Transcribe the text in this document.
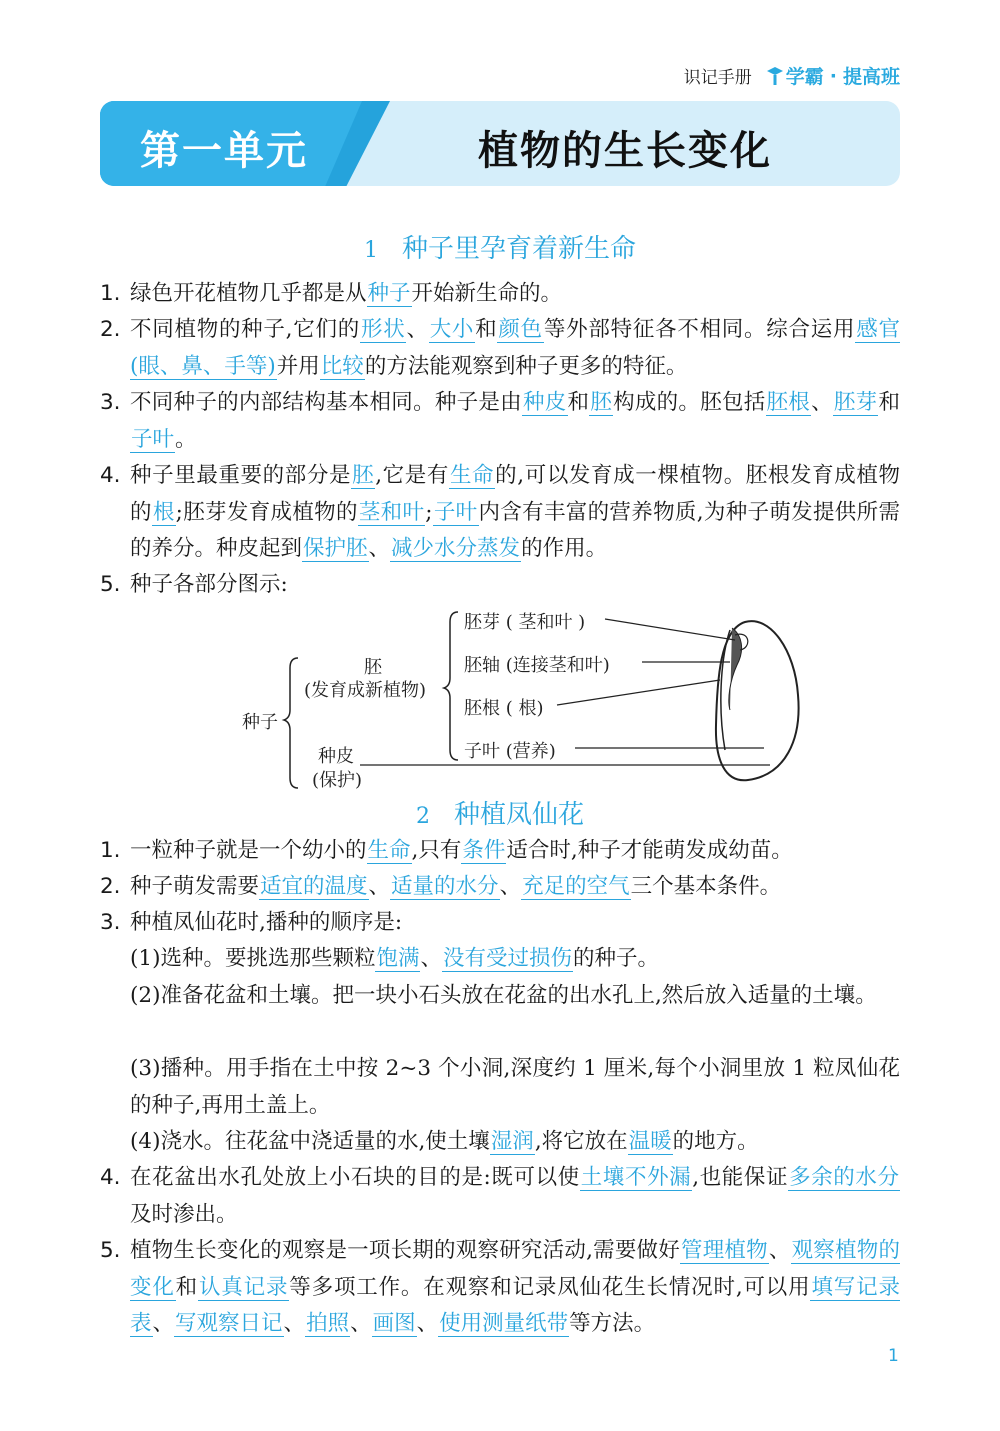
识记手册 学霸 · 提高班
第一单元	植物的生长变化
1 种子里孕育着新生命
1. 绿色开花植物几乎都是从种子开始新生命的。
2. 不同植物的种子,它们的形状、大小和颜色等外部特征各不相同。综合运用感官(眼、鼻、手等)并用比较的方法能观察到种子更多的特征。
3. 不同种子的内部结构基本相同。种子是由种皮和胚构成的。胚包括胚根、胚芽和子叶。
4. 种子里最重要的部分是胚,它是有生命的,可以发育成一棵植物。胚根发育成植物的根;胚芽发育成植物的茎和叶;子叶内含有丰富的营养物质,为种子萌发提供所需的养分。种皮起到保护胚、减少水分蒸发的作用。
5. 种子各部分图示:
种子
胚
(发育成新植物)
种皮
(保护)
胚芽 ( 茎和叶 )
胚轴 (连接茎和叶)
胚根 ( 根)
子叶 (营养)
2 种植凤仙花
1. 一粒种子就是一个幼小的生命,只有条件适合时,种子才能萌发成幼苗。
2. 种子萌发需要适宜的温度、适量的水分、充足的空气三个基本条件。
3. 种植凤仙花时,播种的顺序是:
(1)选种。要挑选那些颗粒饱满、没有受过损伤的种子。
(2)准备花盆和土壤。把一块小石头放在花盆的出水孔上,然后放入适量的土壤。
(3)播种。用手指在土中按 2~3 个小洞,深度约 1 厘米,每个小洞里放 1 粒凤仙花的种子,再用土盖上。
(4)浇水。往花盆中浇适量的水,使土壤湿润,将它放在温暖的地方。
4. 在花盆出水孔处放上小石块的目的是:既可以使土壤不外漏,也能保证多余的水分及时渗出。
5. 植物生长变化的观察是一项长期的观察研究活动,需要做好管理植物、观察植物的变化和认真记录等多项工作。在观察和记录凤仙花生长情况时,可以用填写记录表、写观察日记、拍照、画图、使用测量纸带等方法。
1
